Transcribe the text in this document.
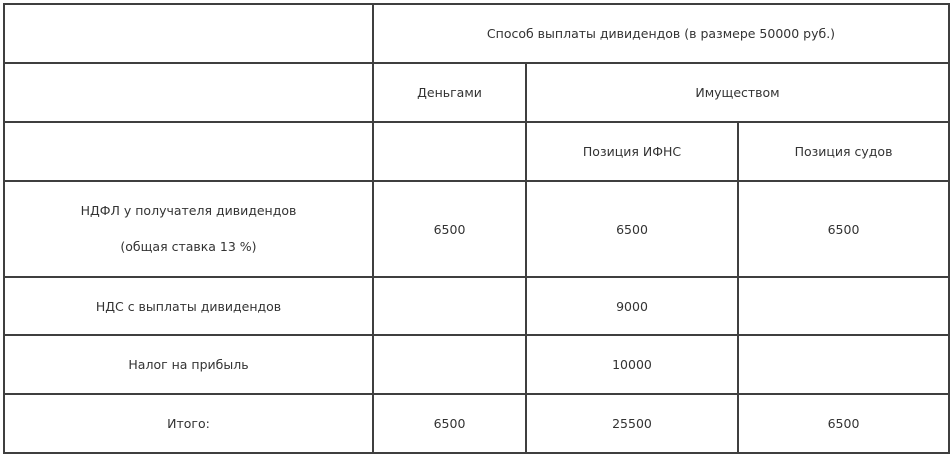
	Способ выплаты дивидендов (в размере 50000 руб.)		
	Деньгами	Имуществом	
		Позиция ИФНС	Позиция судов

НДФЛ у получателя дивидендов

(общая ставка 13 %)	6500	6500	6500
НДС с выплаты дивидендов		9000	
Налог на прибыль		10000	
Итого:	6500	25500	6500
